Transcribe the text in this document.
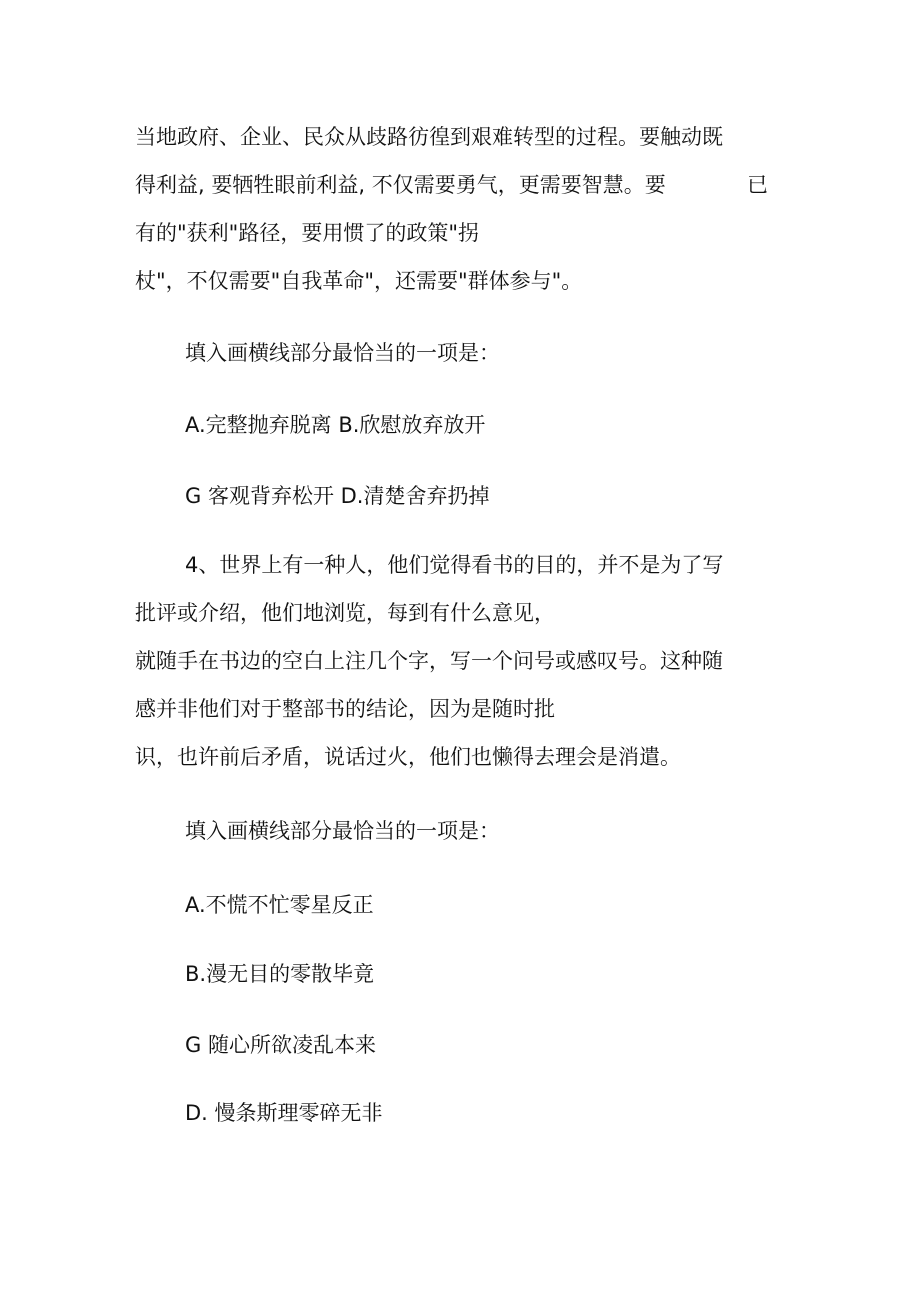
当地政府、企业、民众从歧路彷徨到艰难转型的过程。要触动既
得利益, 要牺牲眼前利益, 不仅需要勇气，更需要智慧。要	已
有的"获利"路径，要用惯了的政策"拐
杖"，不仅需要"自我革命"，还需要"群体参与"。
填入画横线部分最恰当的一项是：
A.完整抛弃脱离 B.欣慰放弃放开
G 客观背弃松开 D.清楚舍弃扔掉
4、世界上有一种人，他们觉得看书的目的，并不是为了写
批评或介绍，他们地浏览，每到有什么意见，
就随手在书边的空白上注几个字，写一个问号或感叹号。这种随
感并非他们对于整部书的结论，因为是随时批
识，也许前后矛盾，说话过火，他们也懒得去理会是消遣。
填入画横线部分最恰当的一项是：
A.不慌不忙零星反正
B.漫无目的零散毕竟
G 随心所欲凌乱本来
D. 慢条斯理零碎无非
